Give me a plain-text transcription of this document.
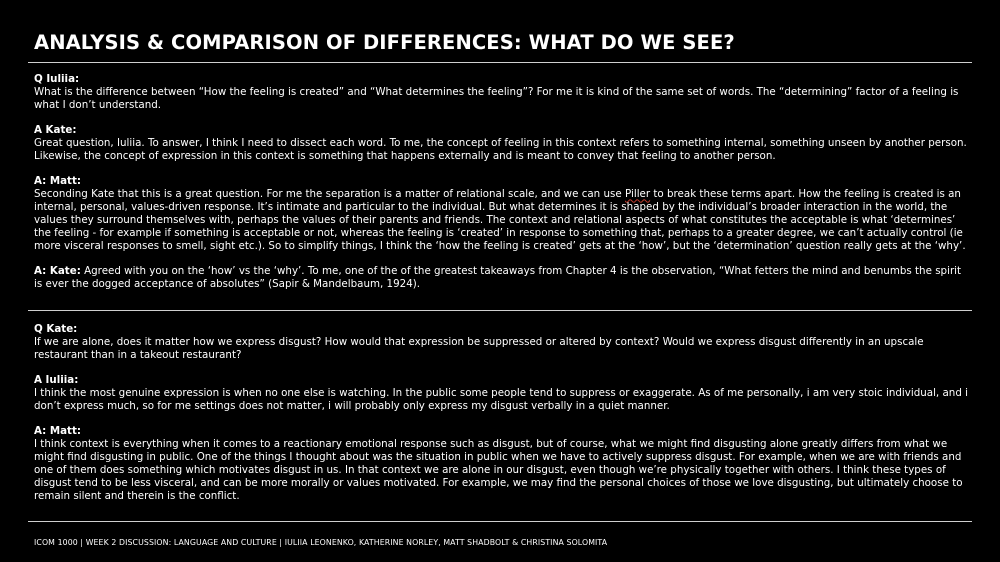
ANALYSIS & COMPARISON OF DIFFERENCES: WHAT DO WE SEE?
Q Iuliia:
What is the difference between “How the feeling is created” and “What determines the feeling”? For me it is kind of the same set of words. The “determining” factor of a feeling is what I don’t understand.
A Kate:
Great question, Iuliia. To answer, I think I need to dissect each word. To me, the concept of feeling in this context refers to something internal, something unseen by another person. Likewise, the concept of expression in this context is something that happens externally and is meant to convey that feeling to another person.
A: Matt:
Seconding Kate that this is a great question. For me the separation is a matter of relational scale, and we can use Piller to break these terms apart. How the feeling is created is an internal, personal, values-driven response. It’s intimate and particular to the individual. But what determines it is shaped by the individual’s broader interaction in the world, the values they surround themselves with, perhaps the values of their parents and friends. The context and relational aspects of what constitutes the acceptable is what ‘determines’ the feeling - for example if something is acceptable or not, whereas the feeling is ‘created’ in response to something that, perhaps to a greater degree, we can’t actually control (ie more visceral responses to smell, sight etc.). So to simplify things, I think the ‘how the feeling is created’ gets at the ‘how’, but the ‘determination’ question really gets at the ‘why’.
A: Kate: Agreed with you on the ‘how’ vs the ‘why’. To me, one of the of the greatest takeaways from Chapter 4 is the observation, “What fetters the mind and benumbs the spirit is ever the dogged acceptance of absolutes” (Sapir & Mandelbaum, 1924).
Q Kate:
If we are alone, does it matter how we express disgust? How would that expression be suppressed or altered by context? Would we express disgust differently in an upscale restaurant than in a takeout restaurant?
A Iuliia:
I think the most genuine expression is when no one else is watching. In the public some people tend to suppress or exaggerate. As of me personally, i am very stoic individual, and i don’t express much, so for me settings does not matter, i will probably only express my disgust verbally in a quiet manner.
A: Matt:
I think context is everything when it comes to a reactionary emotional response such as disgust, but of course, what we might find disgusting alone greatly differs from what we might find disgusting in public. One of the things I thought about was the situation in public when we have to actively suppress disgust. For example, when we are with friends and one of them does something which motivates disgust in us. In that context we are alone in our disgust, even though we’re physically together with others. I think these types of disgust tend to be less visceral, and can be more morally or values motivated. For example, we may find the personal choices of those we love disgusting, but ultimately choose to remain silent and therein is the conflict.
ICOM 1000 | WEEK 2 DISCUSSION: LANGUAGE AND CULTURE | IULIIA LEONENKO, KATHERINE NORLEY, MATT SHADBOLT & CHRISTINA SOLOMITA
